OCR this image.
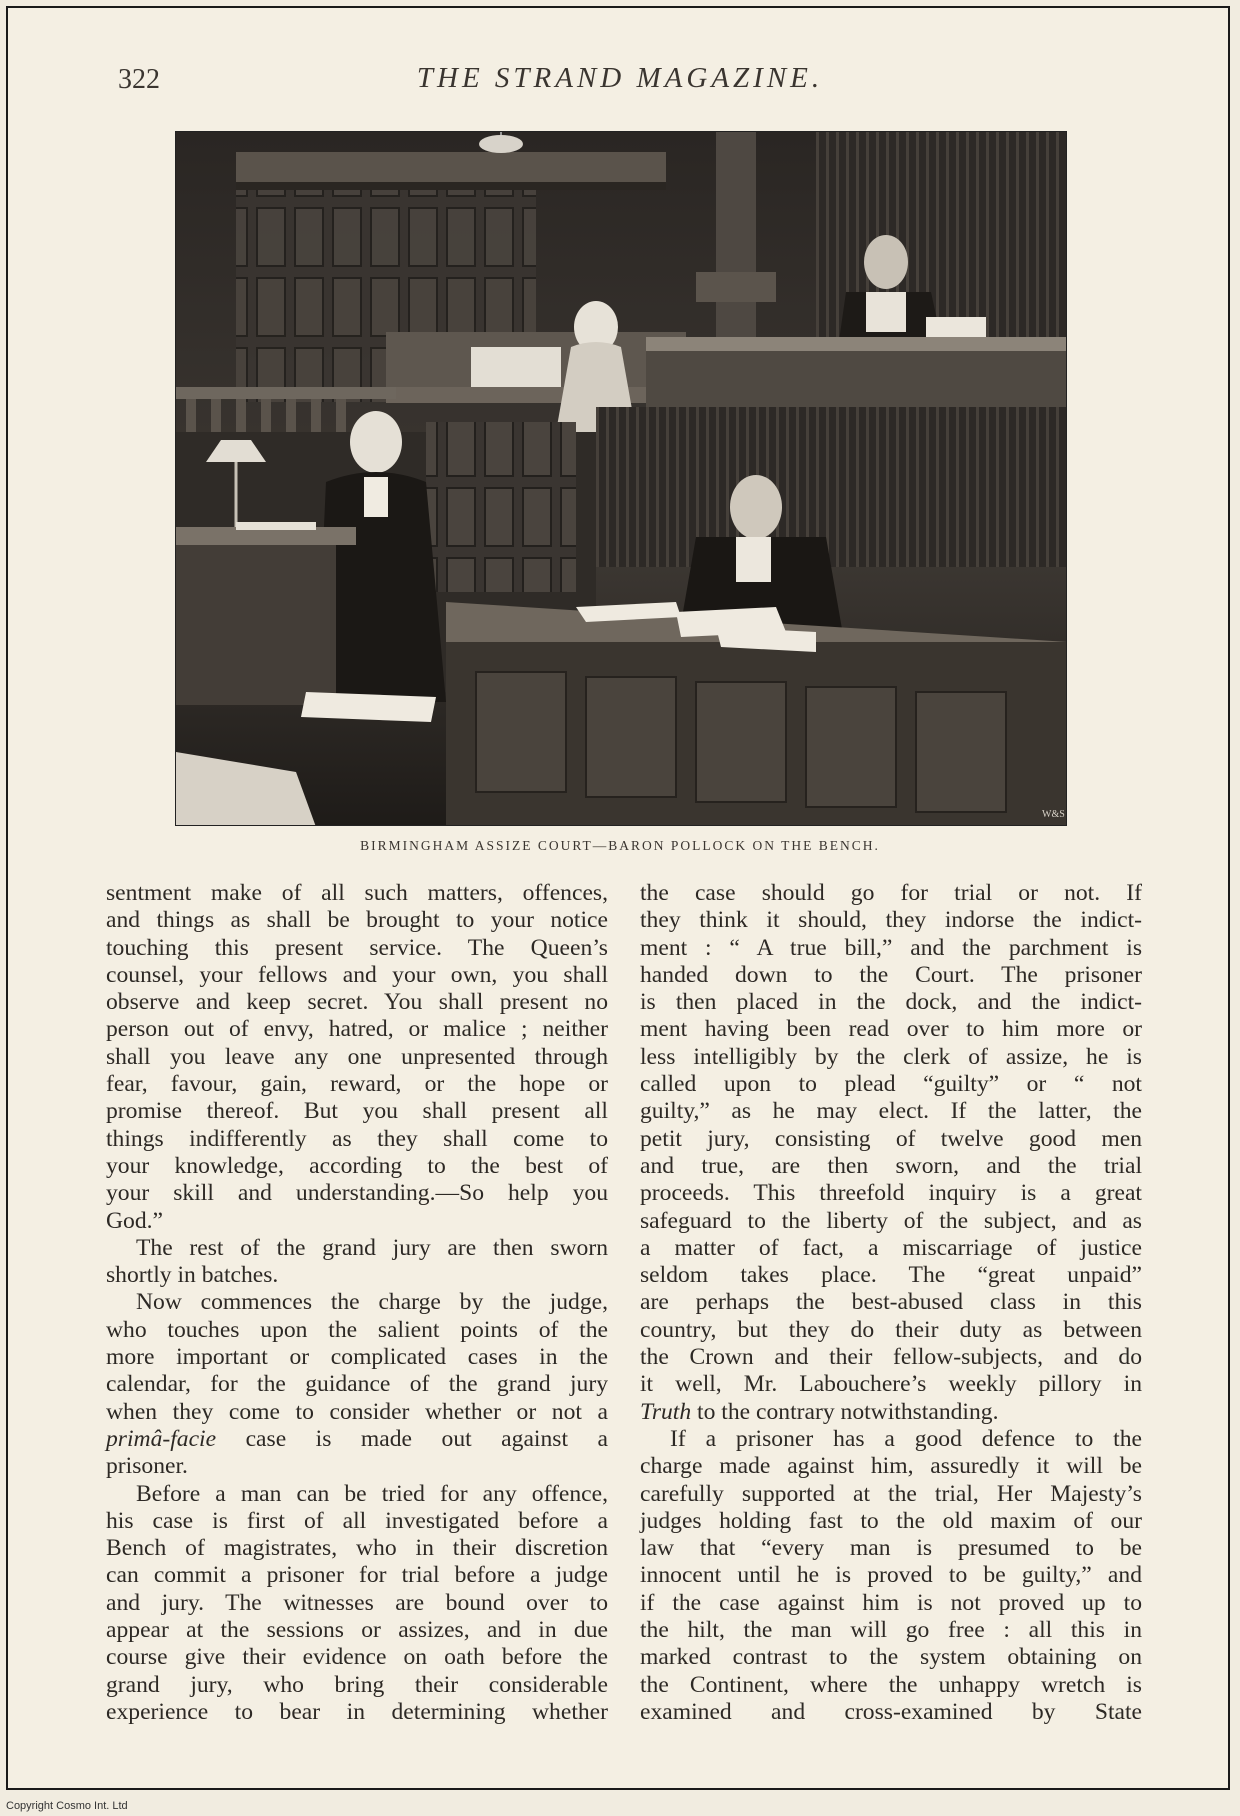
322	THE STRAND MAGAZINE.
W&S
BIRMINGHAM ASSIZE COURT—BARON POLLOCK ON THE BENCH.
sentment make of all such matters, offences,
and things as shall be brought to your notice
touching this present service. The Queen’s
counsel, your fellows and your own, you shall
observe and keep secret. You shall present no
person out of envy, hatred, or malice ; neither
shall you leave any one unpresented through
fear, favour, gain, reward, or the hope or
promise thereof. But you shall present all
things indifferently as they shall come to
your knowledge, according to the best of
your skill and understanding.—So help you
God.”
The rest of the grand jury are then sworn
shortly in batches.
Now commences the charge by the judge,
who touches upon the salient points of the
more important or complicated cases in the
calendar, for the guidance of the grand jury
when they come to consider whether or not a
primâ-facie case is made out against a
prisoner.
Before a man can be tried for any offence,
his case is first of all investigated before a
Bench of magistrates, who in their discretion
can commit a prisoner for trial before a judge
and jury. The witnesses are bound over to
appear at the sessions or assizes, and in due
course give their evidence on oath before the
grand jury, who bring their considerable
experience to bear in determining whether
the case should go for trial or not. If
they think it should, they indorse the indict-
ment : “ A true bill,” and the parchment is
handed down to the Court. The prisoner
is then placed in the dock, and the indict-
ment having been read over to him more or
less intelligibly by the clerk of assize, he is
called upon to plead “guilty” or “ not
guilty,” as he may elect. If the latter, the
petit jury, consisting of twelve good men
and true, are then sworn, and the trial
proceeds. This threefold inquiry is a great
safeguard to the liberty of the subject, and as
a matter of fact, a miscarriage of justice
seldom takes place. The “great unpaid”
are perhaps the best-abused class in this
country, but they do their duty as between
the Crown and their fellow-subjects, and do
it well, Mr. Labouchere’s weekly pillory in
Truth to the contrary notwithstanding.
If a prisoner has a good defence to the
charge made against him, assuredly it will be
carefully supported at the trial, Her Majesty’s
judges holding fast to the old maxim of our
law that “every man is presumed to be
innocent until he is proved to be guilty,” and
if the case against him is not proved up to
the hilt, the man will go free : all this in
marked contrast to the system obtaining on
the Continent, where the unhappy wretch is
examined and cross-examined by State
Copyright Cosmo Int. Ltd
